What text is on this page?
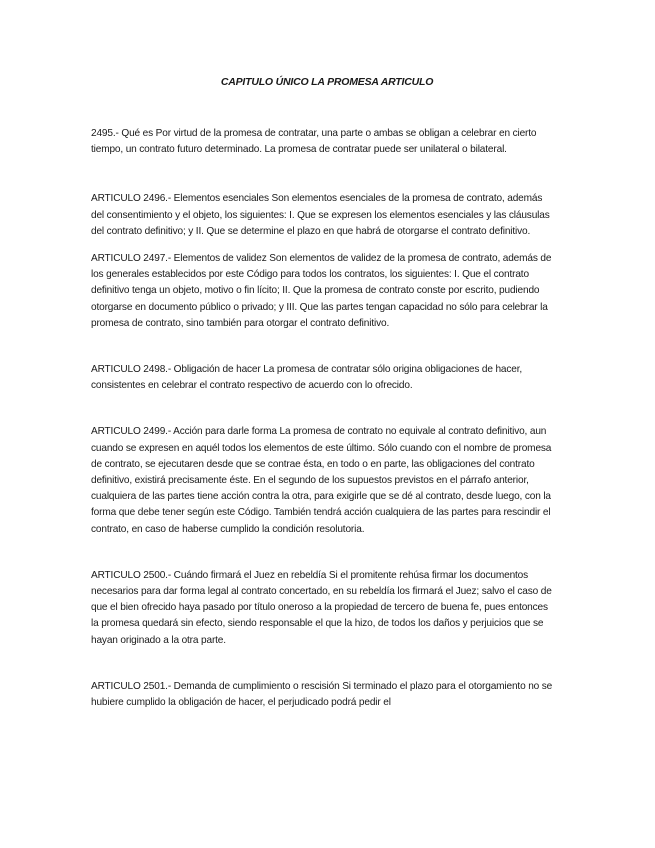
CAPITULO ÚNICO LA PROMESA ARTICULO

2495.- Qué es Por virtud de la promesa de contratar, una parte o ambas se obligan a celebrar en cierto tiempo, un contrato futuro determinado. La promesa de contratar puede ser unilateral o bilateral.

ARTICULO 2496.- Elementos esenciales Son elementos esenciales de la promesa de contrato, además del consentimiento y el objeto, los siguientes: I. Que se expresen los elementos esenciales y las cláusulas del contrato definitivo; y II. Que se determine el plazo en que habrá de otorgarse el contrato definitivo.

ARTICULO 2497.- Elementos de validez Son elementos de validez de la promesa de contrato, además de los generales establecidos por este Código para todos los contratos, los siguientes: I. Que el contrato definitivo tenga un objeto, motivo o fin lícito; II. Que la promesa de contrato conste por escrito, pudiendo otorgarse en documento público o privado; y III. Que las partes tengan capacidad no sólo para celebrar la promesa de contrato, sino también para otorgar el contrato definitivo.

ARTICULO 2498.- Obligación de hacer La promesa de contratar sólo origina obligaciones de hacer, consistentes en celebrar el contrato respectivo de acuerdo con lo ofrecido.

ARTICULO 2499.- Acción para darle forma La promesa de contrato no equivale al contrato definitivo, aun cuando se expresen en aquél todos los elementos de este último. Sólo cuando con el nombre de promesa de contrato, se ejecutaren desde que se contrae ésta, en todo o en parte, las obligaciones del contrato definitivo, existirá precisamente éste. En el segundo de los supuestos previstos en el párrafo anterior, cualquiera de las partes tiene acción contra la otra, para exigirle que se dé al contrato, desde luego, con la forma que debe tener según este Código. También tendrá acción cualquiera de las partes para rescindir el contrato, en caso de haberse cumplido la condición resolutoria.

ARTICULO 2500.- Cuándo firmará el Juez en rebeldía Si el promitente rehúsa firmar los documentos necesarios para dar forma legal al contrato concertado, en su rebeldía los firmará el Juez; salvo el caso de que el bien ofrecido haya pasado por título oneroso a la propiedad de tercero de buena fe, pues entonces la promesa quedará sin efecto, siendo responsable el que la hizo, de todos los daños y perjuicios que se hayan originado a la otra parte.

ARTICULO 2501.- Demanda de cumplimiento o rescisión Si terminado el plazo para el otorgamiento no se hubiere cumplido la obligación de hacer, el perjudicado podrá pedir el
